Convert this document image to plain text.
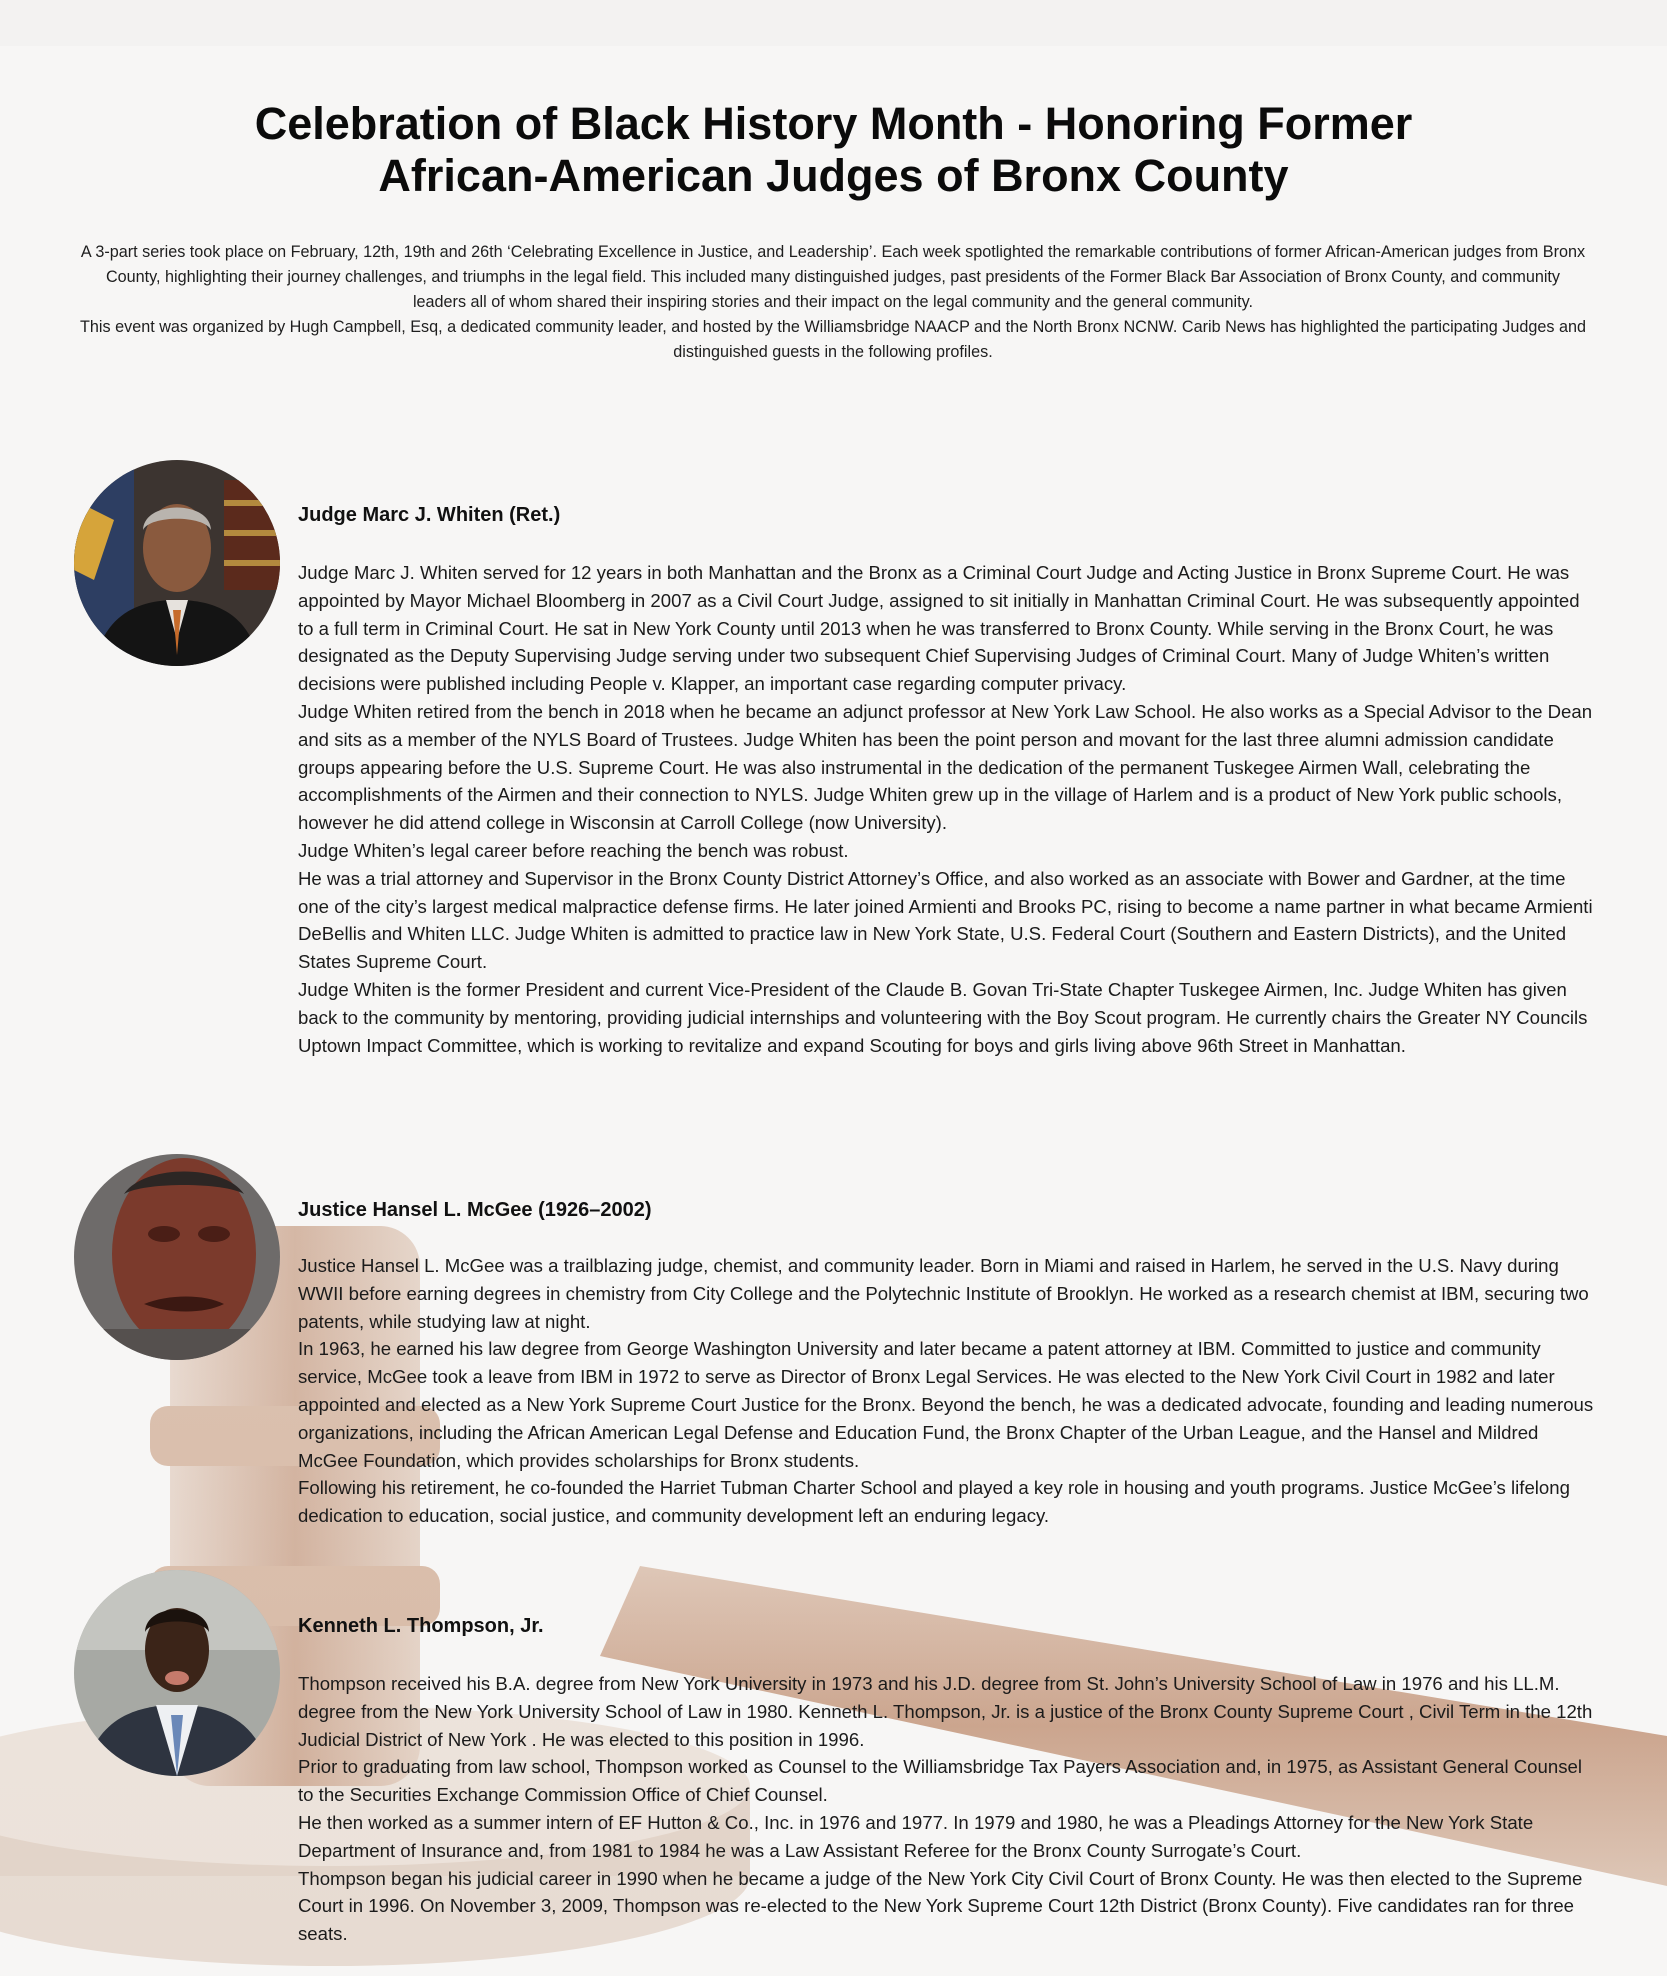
Celebration of Black History Month - Honoring Former
African-American Judges of Bronx County

A 3-part series took place on February, 12th, 19th and 26th ‘Celebrating Excellence in Justice, and Leadership’. Each week spotlighted the remarkable contributions of former African-American judges from Bronx County, highlighting their journey challenges, and triumphs in the legal field. This included many distinguished judges, past presidents of the Former Black Bar Association of Bronx County, and community leaders all of whom shared their inspiring stories and their impact on the legal community and the general community.

This event was organized by Hugh Campbell, Esq, a dedicated community leader, and hosted by the Williamsbridge NAACP and the North Bronx NCNW. Carib News has highlighted the participating Judges and distinguished guests in the following profiles.

Judge Marc J. Whiten (Ret.)

Judge Marc J. Whiten served for 12 years in both Manhattan and the Bronx as a Criminal Court Judge and Acting Justice in Bronx Supreme Court. He was appointed by Mayor Michael Bloomberg in 2007 as a Civil Court Judge, assigned to sit initially in Manhattan Criminal Court. He was subsequently appointed to a full term in Criminal Court. He sat in New York County until 2013 when he was transferred to Bronx County. While serving in the Bronx Court, he was designated as the Deputy Supervising Judge serving under two subsequent Chief Supervising Judges of Criminal Court. Many of Judge Whiten’s written decisions were published including People v. Klapper, an important case regarding computer privacy.

Judge Whiten retired from the bench in 2018 when he became an adjunct professor at New York Law School. He also works as a Special Advisor to the Dean and sits as a member of the NYLS Board of Trustees. Judge Whiten has been the point person and movant for the last three alumni admission candidate groups appearing before the U.S. Supreme Court. He was also instrumental in the dedication of the permanent Tuskegee Airmen Wall, celebrating the accomplishments of the Airmen and their connection to NYLS. Judge Whiten grew up in the village of Harlem and is a product of New York public schools, however he did attend college in Wisconsin at Carroll College (now University).

Judge Whiten’s legal career before reaching the bench was robust.

He was a trial attorney and Supervisor in the Bronx County District Attorney’s Office, and also worked as an associate with Bower and Gardner, at the time one of the city’s largest medical malpractice defense firms. He later joined Armienti and Brooks PC, rising to become a name partner in what became Armienti DeBellis and Whiten LLC. Judge Whiten is admitted to practice law in New York State, U.S. Federal Court (Southern and Eastern Districts), and the United States Supreme Court.

Judge Whiten is the former President and current Vice-President of the Claude B. Govan Tri-State Chapter Tuskegee Airmen, Inc. Judge Whiten has given back to the community by mentoring, providing judicial internships and volunteering with the Boy Scout program. He currently chairs the Greater NY Councils Uptown Impact Committee, which is working to revitalize and expand Scouting for boys and girls living above 96th Street in Manhattan.

Justice Hansel L. McGee (1926–2002)

Justice Hansel L. McGee was a trailblazing judge, chemist, and community leader. Born in Miami and raised in Harlem, he served in the U.S. Navy during WWII before earning degrees in chemistry from City College and the Polytechnic Institute of Brooklyn. He worked as a research chemist at IBM, securing two patents, while studying law at night.

In 1963, he earned his law degree from George Washington University and later became a patent attorney at IBM. Committed to justice and community service, McGee took a leave from IBM in 1972 to serve as Director of Bronx Legal Services. He was elected to the New York Civil Court in 1982 and later appointed and elected as a New York Supreme Court Justice for the Bronx. Beyond the bench, he was a dedicated advocate, founding and leading numerous organizations, including the African American Legal Defense and Education Fund, the Bronx Chapter of the Urban League, and the Hansel and Mildred McGee Foundation, which provides scholarships for Bronx students.

Following his retirement, he co-founded the Harriet Tubman Charter School and played a key role in housing and youth programs. Justice McGee’s lifelong dedication to education, social justice, and community development left an enduring legacy.

Kenneth L. Thompson, Jr.

Thompson received his B.A. degree from New York University in 1973 and his J.D. degree from St. John’s University School of Law in 1976 and his LL.M. degree from the New York University School of Law in 1980. Kenneth L. Thompson, Jr. is a justice of the Bronx County Supreme Court , Civil Term in the 12th Judicial District of New York . He was elected to this position in 1996.

Prior to graduating from law school, Thompson worked as Counsel to the Williamsbridge Tax Payers Association and, in 1975, as Assistant General Counsel to the Securities Exchange Commission Office of Chief Counsel.

He then worked as a summer intern of EF Hutton & Co., Inc. in 1976 and 1977. In 1979 and 1980, he was a Pleadings Attorney for the New York State Department of Insurance and, from 1981 to 1984 he was a Law Assistant Referee for the Bronx County Surrogate’s Court.

Thompson began his judicial career in 1990 when he became a judge of the New York City Civil Court of Bronx County. He was then elected to the Supreme Court in 1996. On November 3, 2009, Thompson was re-elected to the New York Supreme Court 12th District (Bronx County). Five candidates ran for three seats.
